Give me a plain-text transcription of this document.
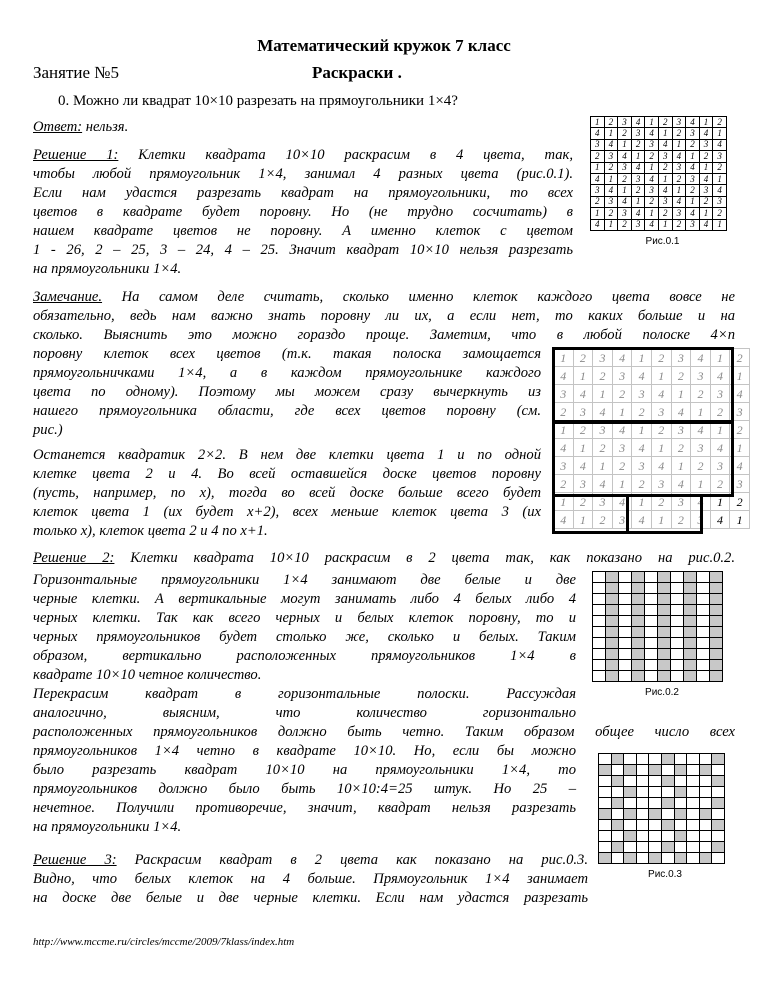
Математический кружок 7 класс
Занятие №5	Раскраски .
0. Можно ли квадрат 10×10 разрезать на прямоугольники 1×4?
Ответ: нельзя.
Решение 1: Клетки квадрата 10×10 раскрасим в 4 цвета, так,
чтобы любой прямоугольник 1×4, занимал 4 разных цвета (рис.0.1).
Если нам удастся разрезать квадрат на прямоугольники, то всех
цветов в квадрате будет поровну. Но (не трудно сосчитать) в
нашем квадрате цветов не поровну. А именно клеток с цветом
1 - 26, 2 – 25, 3 – 24, 4 – 25. Значит квадрат 10×10 нельзя разрезать
на прямоугольники 1×4.
1	2	3	4	1	2	3	4	1	2
4	1	2	3	4	1	2	3	4	1
3	4	1	2	3	4	1	2	3	4
2	3	4	1	2	3	4	1	2	3
1	2	3	4	1	2	3	4	1	2
4	1	2	3	4	1	2	3	4	1
3	4	1	2	3	4	1	2	3	4
2	3	4	1	2	3	4	1	2	3
1	2	3	4	1	2	3	4	1	2
4	1	2	3	4	1	2	3	4	1
Рис.0.1
Замечание. На самом деле считать, сколько именно клеток каждого цвета вовсе не
обязательно, ведь нам важно знать поровну ли их, а если нет, то каких больше и на
сколько. Выяснить это можно гораздо проще. Заметим, что в любой полоске 4×n
поровну клеток всех цветов (т.к. такая полоска замощается
прямоугольничками 1×4, а в каждом прямоугольнике каждого
цвета по одному). Поэтому мы можем сразу вычеркнуть из
нашего прямоугольника области, где всех цветов поровну (см.
рис.)
Останется квадратик 2×2. В нем две клетки цвета 1 и по одной
клетке цвета 2 и 4. Во всей оставшейся доске цветов поровну
(пусть, например, по x), тогда во всей доске больше всего будет
клеток цвета 1 (их будет x+2), всех меньше клеток цвета 3 (их
только x), клеток цвета 2 и 4 по x+1.
1	2	3	4	1	2	3	4	1	2
4	1	2	3	4	1	2	3	4	1
3	4	1	2	3	4	1	2	3	4
2	3	4	1	2	3	4	1	2	3
1	2	3	4	1	2	3	4	1	2
4	1	2	3	4	1	2	3	4	1
3	4	1	2	3	4	1	2	3	4
2	3	4	1	2	3	4	1	2	3
1	2	3	4	1	2	3	4	1	2
4	1	2	3	4	1	2	3	4	1
Решение 2: Клетки квадрата 10×10 раскрасим в 2 цвета так, как показано на рис.0.2.
Горизонтальные прямоугольники 1×4 занимают две белые и две
черные клетки. А вертикальные могут занимать либо 4 белых либо 4
черных клетки. Так как всего черных и белых клеток поровну, то и
черных прямоугольников будет столько же, сколько и белых. Таким
образом, вертикально расположенных прямоугольников 1×4 в
квадрате 10×10 четное количество.
Перекрасим квадрат в горизонтальные полоски. Рассуждая
аналогично, выясним, что количество горизонтально
расположенных прямоугольников должно быть четно. Таким образом общее число всех
прямоугольников 1×4 четно в квадрате 10×10. Но, если бы можно
было разрезать квадрат 10×10 на прямоугольники 1×4, то
прямоугольников должно было быть 10×10:4=25 штук. Но 25 –
нечетное. Получили противоречие, значит, квадрат нельзя разрезать
на прямоугольники 1×4.

Рис.0.2

Рис.0.3
Решение 3: Раскрасим квадрат в 2 цвета как показано на рис.0.3.
Видно, что белых клеток на 4 больше. Прямоугольник 1×4 занимает
на доске две белые и две черные клетки. Если нам удастся разрезать
http://www.mccme.ru/circles/mccme/2009/7klass/index.htm
